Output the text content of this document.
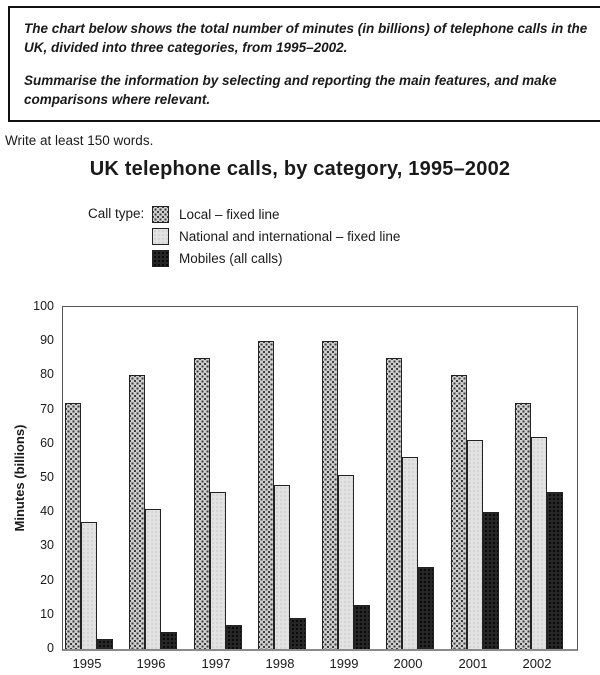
The chart below shows the total number of minutes (in billions) of telephone calls in the UK, divided into three categories, from 1995–2002.

Summarise the information by selecting and reporting the main features, and make comparisons where relevant.

Write at least 150 words.
UK telephone calls, by category, 1995–2002
Call type:	Local – fixed line
National and international – fixed line
Mobiles (all calls)
Minutes (billions)
0
10
20
30
40
50
60
70
80
90
100
1995	1996	1997	1998	1999	2000	2001	2002
